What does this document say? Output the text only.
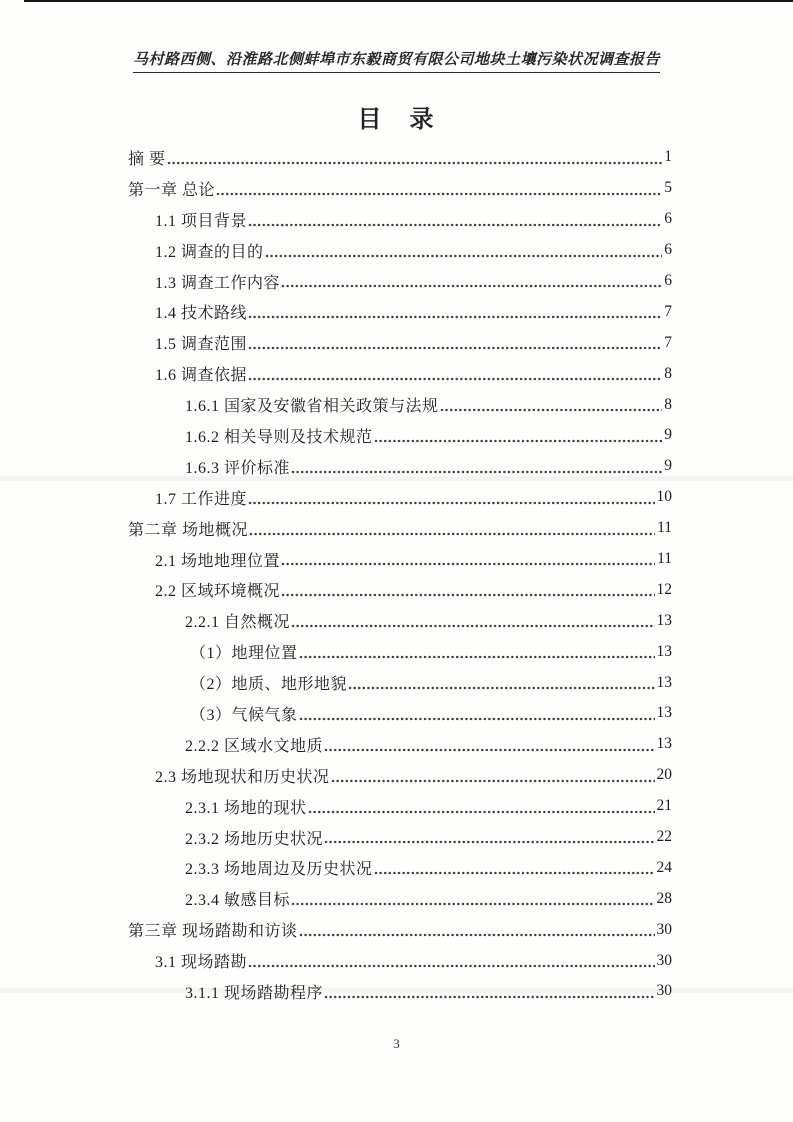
马村路西侧、沿淮路北侧蚌埠市东毅商贸有限公司地块土壤污染状况调查报告
目　录
摘 要	1
第一章 总论	5
1.1 项目背景	6
1.2 调查的目的	6
1.3 调查工作内容	6
1.4 技术路线	7
1.5 调查范围	7
1.6 调查依据	8
1.6.1 国家及安徽省相关政策与法规	8
1.6.2 相关导则及技术规范	9
1.6.3 评价标准	9
1.7 工作进度	10
第二章 场地概况	11
2.1 场地地理位置	11
2.2 区域环境概况	12
2.2.1 自然概况	13
（1）地理位置	13
（2）地质、地形地貌	13
（3）气候气象	13
2.2.2 区域水文地质	13
2.3 场地现状和历史状况	20
2.3.1 场地的现状	21
2.3.2 场地历史状况	22
2.3.3 场地周边及历史状况	24
2.3.4 敏感目标	28
第三章 现场踏勘和访谈	30
3.1 现场踏勘	30
3.1.1 现场踏勘程序	30
3
